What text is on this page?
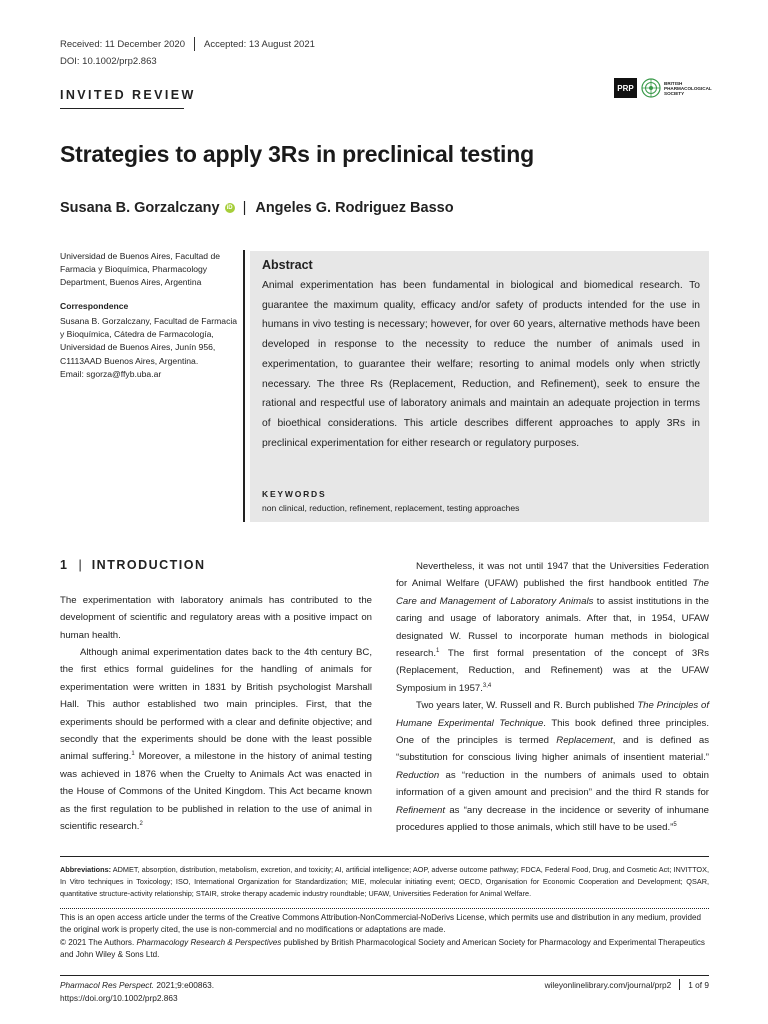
Received: 11 December 2020 Accepted: 13 August 2021
DOI: 10.1002/prp2.863
INVITED REVIEW	PRP
BRITISH PHARMACOLOGICAL SOCIETY
Strategies to apply 3Rs in preclinical testing
Susana B. Gorzalczany	iD | Angeles G. Rodriguez Basso
Universidad de Buenos Aires, Facultad de Farmacia y Bioquímica, Pharmacology Department, Buenos Aires, Argentina
Correspondence
Susana B. Gorzalczany, Facultad de Farmacia y Bioquímica, Cátedra de Farmacología, Universidad de Buenos Aires, Junín 956, C1113AAD Buenos Aires, Argentina.
Email: sgorza@ffyb.uba.ar
Abstract
Animal experimentation has been fundamental in biological and biomedical research. To guarantee the maximum quality, efficacy and/or safety of products intended for the use in humans in vivo testing is necessary; however, for over 60 years, alternative methods have been developed in response to the necessity to reduce the number of animals used in experimentation, to guarantee their welfare; resorting to animal models only when strictly necessary. The three Rs (Replacement, Reduction, and Refinement), seek to ensure the rational and respectful use of laboratory animals and maintain an adequate projection in terms of bioethical considerations. This article describes different approaches to apply 3Rs in preclinical experimentation for either research or regulatory purposes.
KEYWORDS
non clinical, reduction, refinement, replacement, testing approaches
1 | INTRODUCTION
The experimentation with laboratory animals has contributed to the development of scientific and regulatory areas with a positive impact on human health.

Although animal experimentation dates back to the 4th century BC, the first ethics formal guidelines for the handling of animals for experimentation were written in 1831 by British psychologist Marshall Hall. This author established two main principles. First, that the experiments should be performed with a clear and definite objective; and secondly that the experiments should be done with the least possible animal suffering.$^1$ Moreover, a milestone in the history of animal testing was achieved in 1876 when the Cruelty to Animals Act was enacted in the House of Commons of the United Kingdom. This Act became known as the first regulation to be published in relation to the use of animal in scientific research.$^2$

Nevertheless, it was not until 1947 that the Universities Federation for Animal Welfare (UFAW) published the first handbook entitled The Care and Management of Laboratory Animals to assist institutions in the caring and usage of laboratory animals. After that, in 1954, UFAW designated W. Russel to incorporate human methods in biological research.$^1$ The first formal presentation of the concept of 3Rs (Replacement, Reduction, and Refinement) was at the UFAW Symposium in 1957.$^{3,4}$

Two years later, W. Russell and R. Burch published The Principles of Humane Experimental Technique. This book defined three principles. One of the principles is termed Replacement, and is defined as “substitution for conscious living higher animals of insentient material.” Reduction as “reduction in the numbers of animals used to obtain information of a given amount and precision” and the third R stands for Refinement as “any decrease in the incidence or severity of inhumane procedures applied to those animals, which still have to be used.”$^5$

Abbreviations: ADMET, absorption, distribution, metabolism, excretion, and toxicity; AI, artificial intelligence; AOP, adverse outcome pathway; FDCA, Federal Food, Drug, and Cosmetic Act; INVITTOX, In Vitro techniques in Toxicology; ISO, International Organization for Standardization; MIE, molecular initiating event; OECD, Organisation for Economic Cooperation and Development; QSAR, quantitative structure-activity relationship; STAIR, stroke therapy academic industry roundtable; UFAW, Universities Federation for Animal Welfare.
This is an open access article under the terms of the Creative Commons Attribution-NonCommercial-NoDerivs License, which permits use and distribution in any medium, provided the original work is properly cited, the use is non-commercial and no modifications or adaptations are made.
© 2021 The Authors. Pharmacology Research & Perspectives published by British Pharmacological Society and American Society for Pharmacology and Experimental Therapeutics and John Wiley & Sons Ltd.
Pharmacol Res Perspect. 2021;9:e00863.
https://doi.org/10.1002/prp2.863
wileyonlinelibrary.com/journal/prp2 1 of 9
